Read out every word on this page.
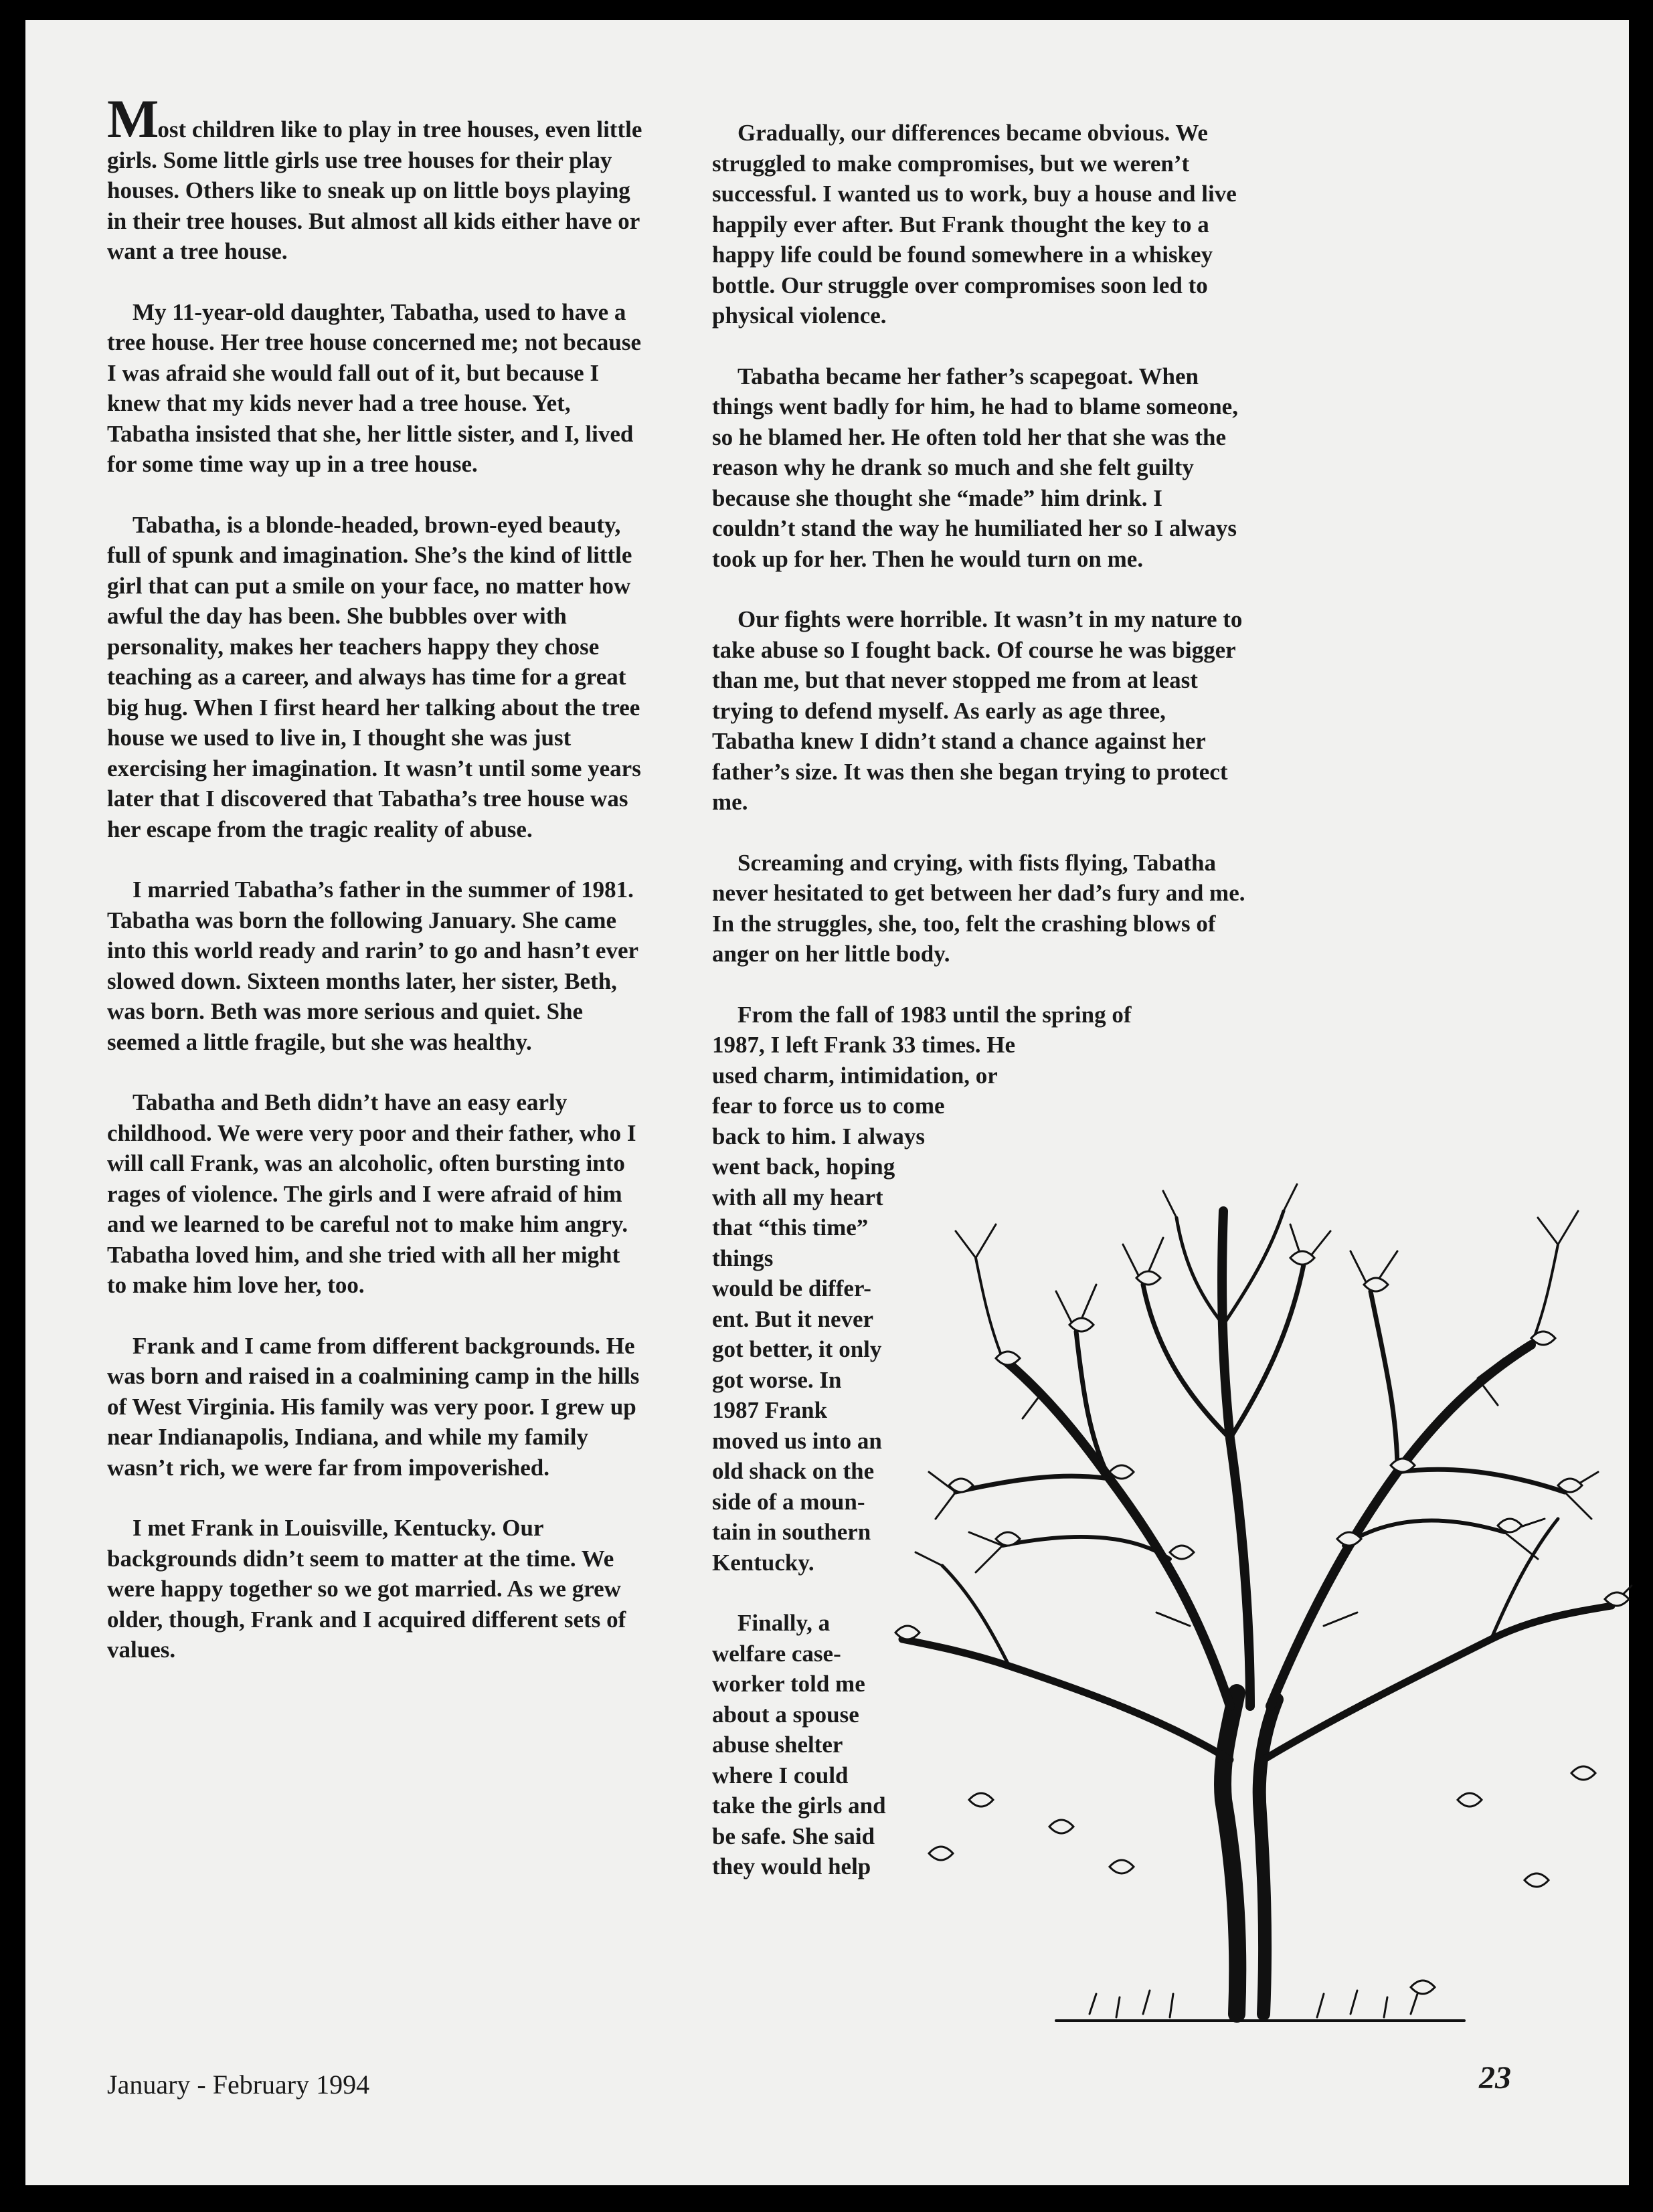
Most children like to play in tree houses, even little girls. Some little girls use tree houses for their play houses. Others like to sneak up on little boys playing in their tree houses. But almost all kids either have or want a tree house.

My 11-year-old daughter, Tabatha, used to have a tree house. Her tree house concerned me; not because I was afraid she would fall out of it, but because I knew that my kids never had a tree house. Yet, Tabatha insisted that she, her little sister, and I, lived for some time way up in a tree house.

Tabatha, is a blonde-headed, brown-eyed beauty, full of spunk and imagination. She’s the kind of little girl that can put a smile on your face, no matter how awful the day has been. She bubbles over with personality, makes her teachers happy they chose teaching as a career, and always has time for a great big hug. When I first heard her talking about the tree house we used to live in, I thought she was just exercising her imagination. It wasn’t until some years later that I discovered that Tabatha’s tree house was her escape from the tragic reality of abuse.

I married Tabatha’s father in the summer of 1981. Tabatha was born the following January. She came into this world ready and rarin’ to go and hasn’t ever slowed down. Sixteen months later, her sister, Beth, was born. Beth was more serious and quiet. She seemed a little fragile, but she was healthy.

Tabatha and Beth didn’t have an easy early childhood. We were very poor and their father, who I will call Frank, was an alcoholic, often bursting into rages of violence. The girls and I were afraid of him and we learned to be careful not to make him angry. Tabatha loved him, and she tried with all her might to make him love her, too.

Frank and I came from different backgrounds. He was born and raised in a coalmining camp in the hills of West Virginia. His family was very poor. I grew up near Indianapolis, Indiana, and while my family wasn’t rich, we were far from impoverished.

I met Frank in Louisville, Kentucky. Our backgrounds didn’t seem to matter at the time. We were happy together so we got married. As we grew older, though, Frank and I acquired different sets of values.

Gradually, our differences became obvious. We struggled to make compromises, but we weren’t successful. I wanted us to work, buy a house and live happily ever after. But Frank thought the key to a happy life could be found somewhere in a whiskey bottle. Our struggle over compromises soon led to physical violence.

Tabatha became her father’s scapegoat. When things went badly for him, he had to blame someone, so he blamed her. He often told her that she was the reason why he drank so much and she felt guilty because she thought she “made” him drink. I couldn’t stand the way he humiliated her so I always took up for her. Then he would turn on me.

Our fights were horrible. It wasn’t in my nature to take abuse so I fought back. Of course he was bigger than me, but that never stopped me from at least trying to defend myself. As early as age three, Tabatha knew I didn’t stand a chance against her father’s size. It was then she began trying to protect me.

Screaming and crying, with fists flying, Tabatha never hesitated to get between her dad’s fury and me. In the struggles, she, too, felt the crashing blows of anger on her little body.

From the fall of 1983 until the spring of
1987, I left Frank 33 times. He
used charm, intimidation, or
fear to force us to come
back to him. I always
went back, hoping
with all my heart
that “this time”
things
would be differ-
ent. But it never
got better, it only
got worse. In
1987 Frank
moved us into an
old shack on the
side of a moun-
tain in southern
Kentucky.
Finally, a
welfare case-
worker told me
about a spouse
abuse shelter
where I could
take the girls and
be safe. She said
they would help
January - February 1994	23
